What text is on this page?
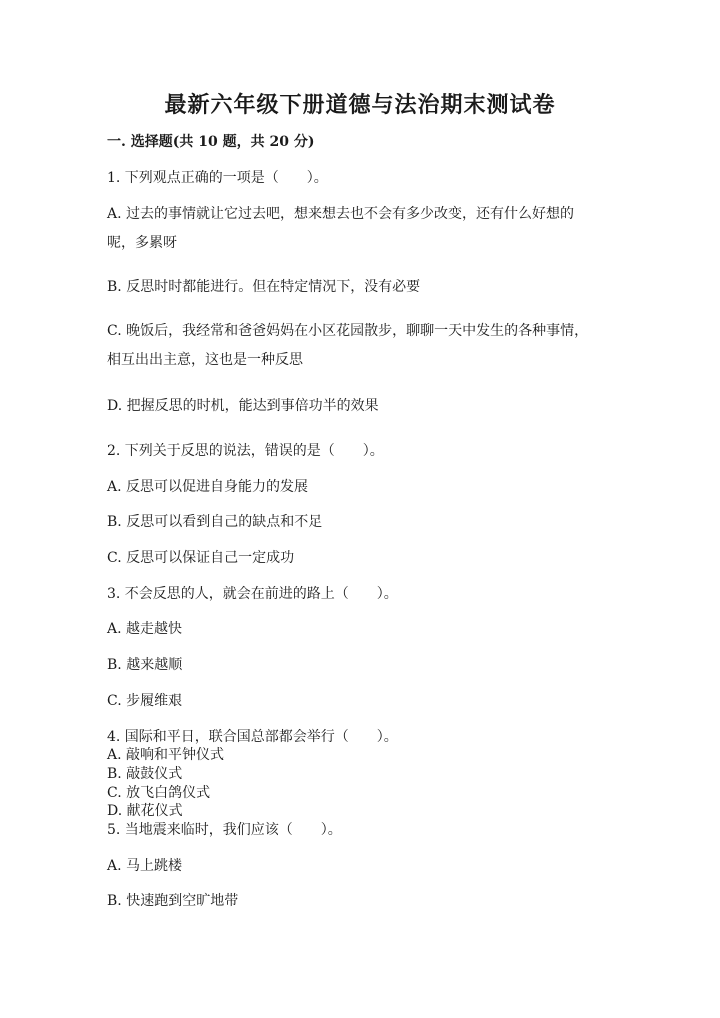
最新六年级下册道德与法治期末测试卷
一. 选择题(共 10 题，共 20 分)
1. 下列观点正确的一项是（　　）。
A. 过去的事情就让它过去吧，想来想去也不会有多少改变，还有什么好想的
呢，多累呀
B. 反思时时都能进行。但在特定情况下，没有必要
C. 晚饭后，我经常和爸爸妈妈在小区花园散步，聊聊一天中发生的各种事情，
相互出出主意，这也是一种反思
D. 把握反思的时机，能达到事倍功半的效果
2. 下列关于反思的说法，错误的是（　　）。
A. 反思可以促进自身能力的发展
B. 反思可以看到自己的缺点和不足
C. 反思可以保证自己一定成功
3. 不会反思的人，就会在前进的路上（　　）。
A. 越走越快
B. 越来越顺
C. 步履维艰
4. 国际和平日，联合国总部都会举行（　　）。
A. 敲响和平钟仪式
B. 敲鼓仪式
C. 放飞白鸽仪式
D. 献花仪式
5. 当地震来临时，我们应该（　　）。
A. 马上跳楼
B. 快速跑到空旷地带
